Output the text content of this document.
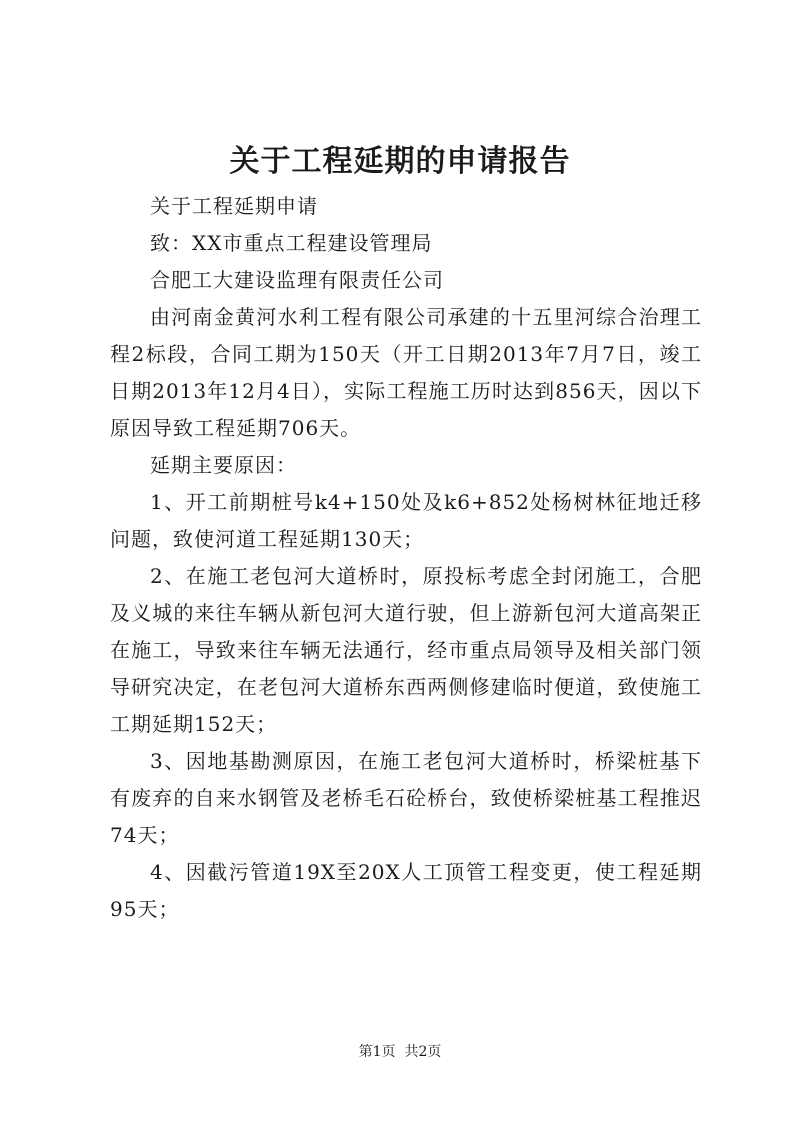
关于工程延期的申请报告

关于工程延期申请

致：XX市重点工程建设管理局

合肥工大建设监理有限责任公司

由河南金黄河水利工程有限公司承建的十五里河综合治理工程2标段，合同工期为150天（开工日期2013年7月7日，竣工日期2013年12月4日），实际工程施工历时达到856天，因以下原因导致工程延期706天。

延期主要原因：

1、开工前期桩号k4+150处及k6+852处杨树林征地迁移问题，致使河道工程延期130天；

2、在施工老包河大道桥时，原投标考虑全封闭施工，合肥及义城的来往车辆从新包河大道行驶，但上游新包河大道高架正在施工，导致来往车辆无法通行，经市重点局领导及相关部门领导研究决定，在老包河大道桥东西两侧修建临时便道，致使施工工期延期152天；

3、因地基勘测原因，在施工老包河大道桥时，桥梁桩基下有废弃的自来水钢管及老桥毛石砼桥台，致使桥梁桩基工程推迟74天；

4、因截污管道19X至20X人工顶管工程变更，使工程延期95天；

第1页 共2页
